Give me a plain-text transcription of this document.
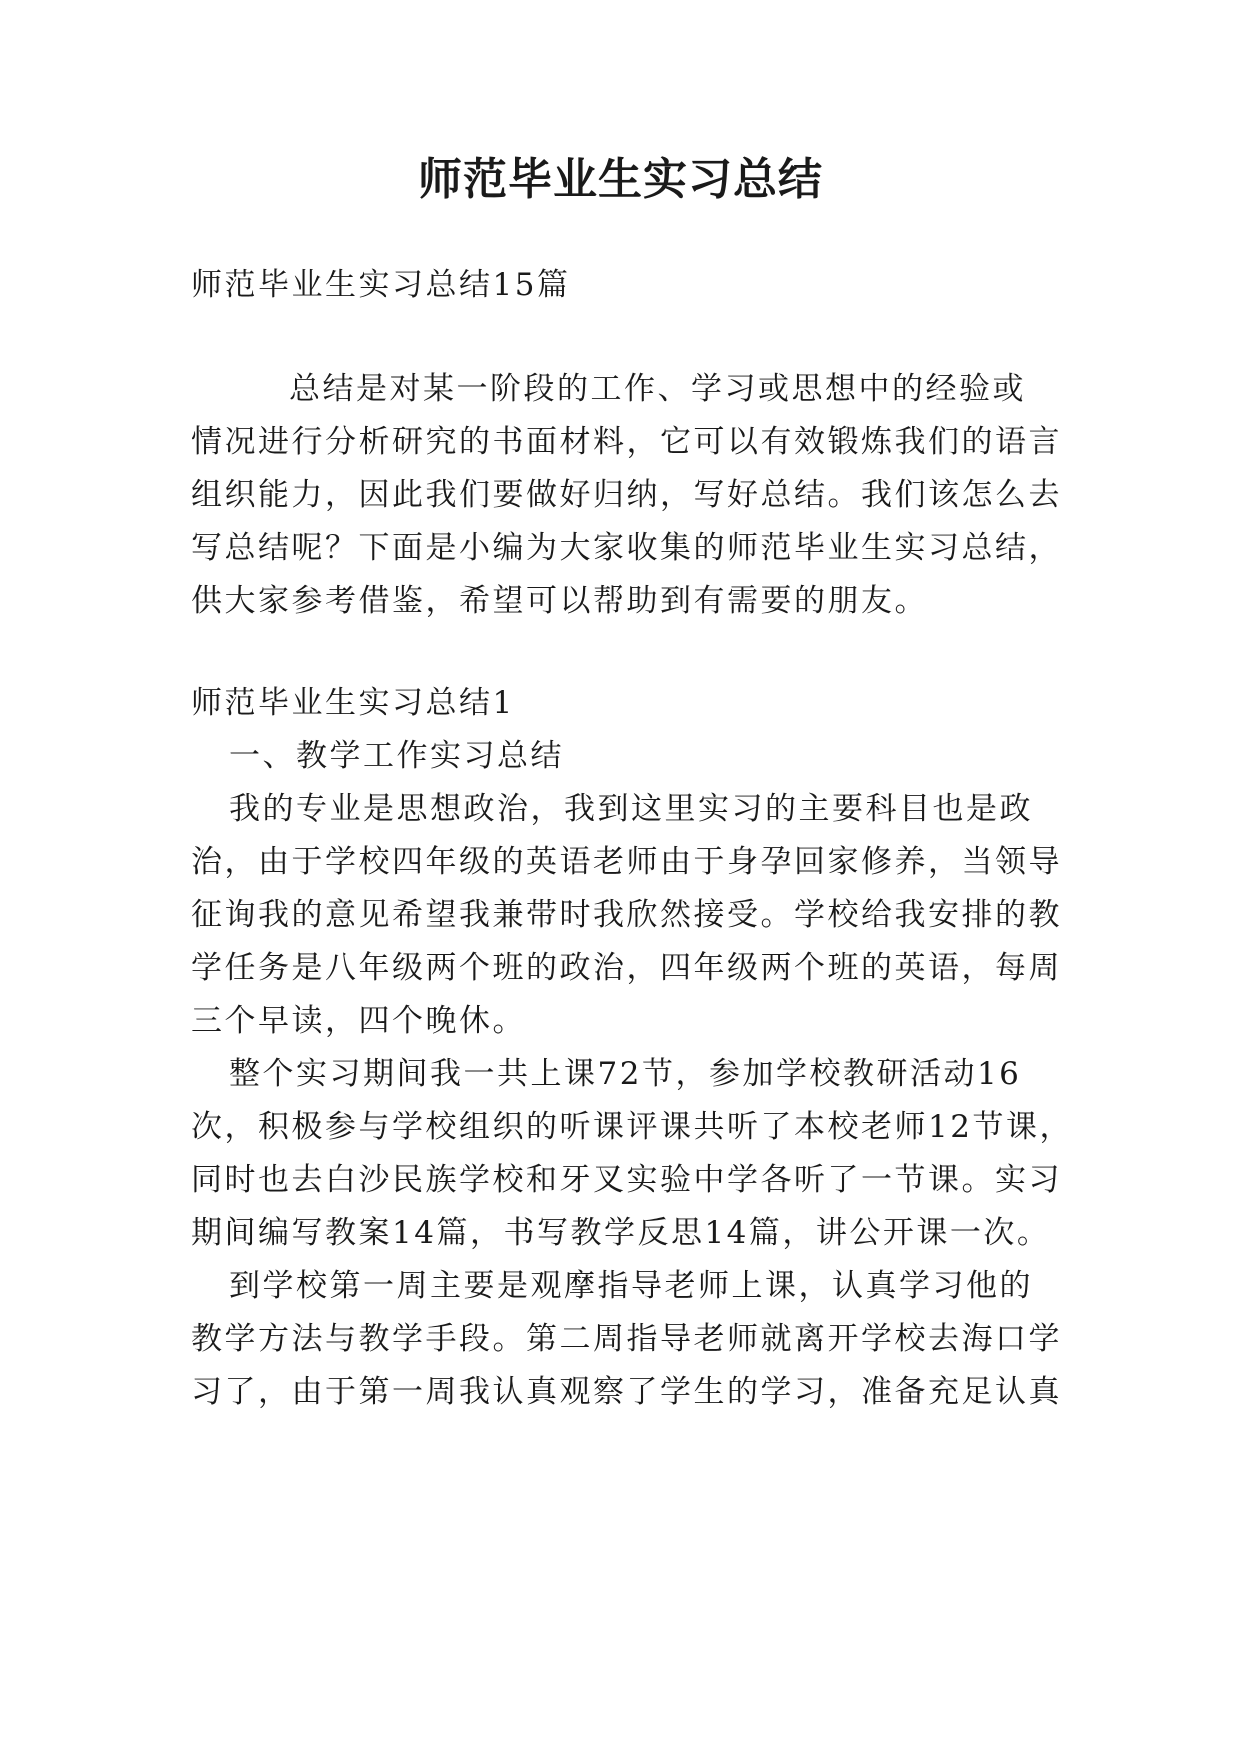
师范毕业生实习总结
师范毕业生实习总结15篇
总结是对某一阶段的工作、学习或思想中的经验或
情况进行分析研究的书面材料，它可以有效锻炼我们的语言
组织能力，因此我们要做好归纳，写好总结。我们该怎么去
写总结呢？下面是小编为大家收集的师范毕业生实习总结，
供大家参考借鉴，希望可以帮助到有需要的朋友。
师范毕业生实习总结1
一、教学工作实习总结
我的专业是思想政治，我到这里实习的主要科目也是政
治，由于学校四年级的英语老师由于身孕回家修养，当领导
征询我的意见希望我兼带时我欣然接受。学校给我安排的教
学任务是八年级两个班的政治，四年级两个班的英语，每周
三个早读，四个晚休。
整个实习期间我一共上课72节，参加学校教研活动16
次，积极参与学校组织的听课评课共听了本校老师12节课，
同时也去白沙民族学校和牙叉实验中学各听了一节课。实习
期间编写教案14篇，书写教学反思14篇，讲公开课一次。
到学校第一周主要是观摩指导老师上课，认真学习他的
教学方法与教学手段。第二周指导老师就离开学校去海口学
习了，由于第一周我认真观察了学生的学习，准备充足认真
